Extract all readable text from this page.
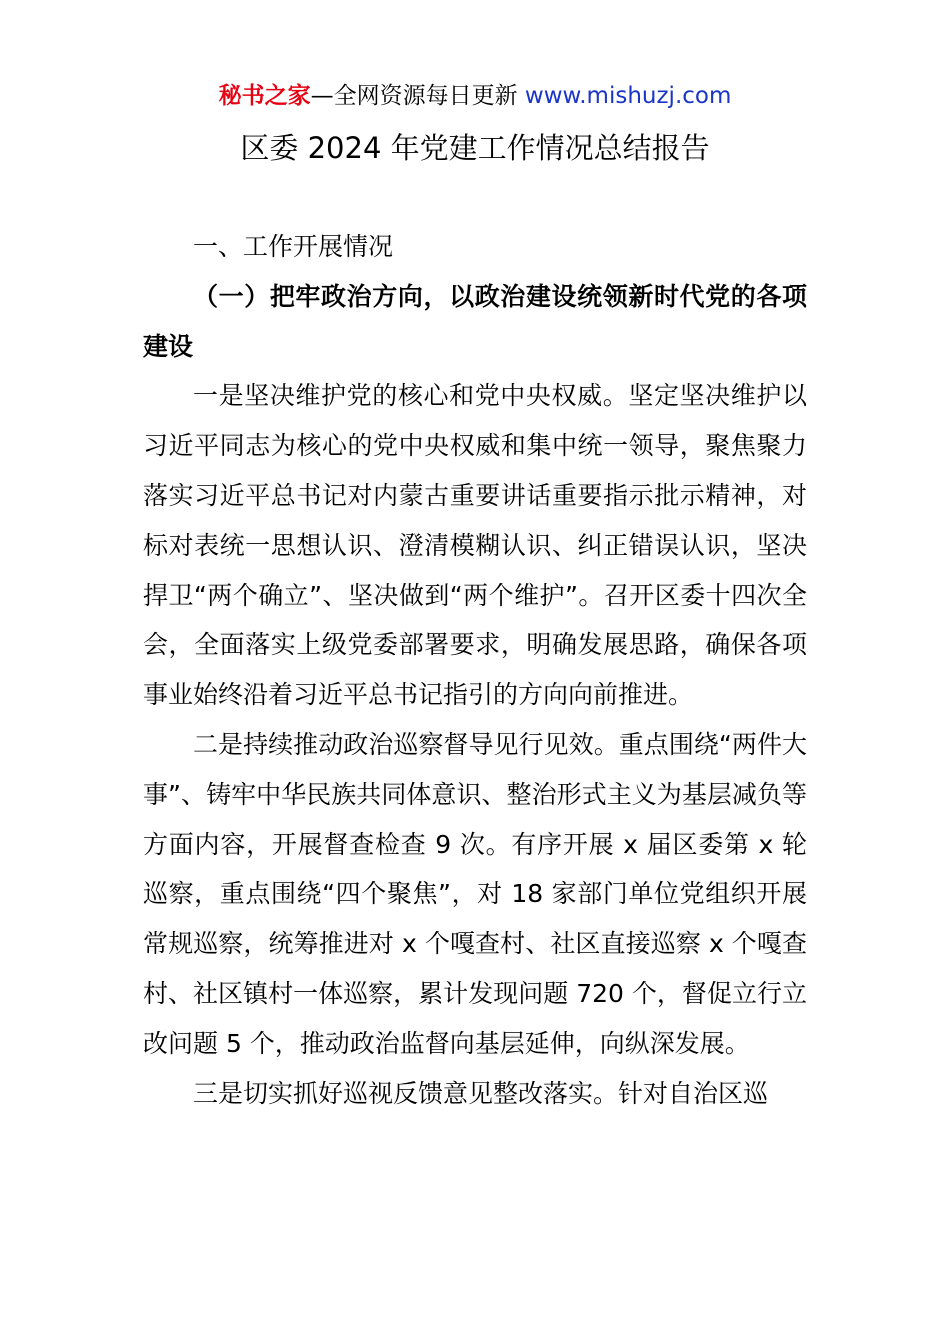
秘书之家—全网资源每日更新 www.mishuzj.com
区委 2024 年党建工作情况总结报告

一、工作开展情况

（一）把牢政治方向，以政治建设统领新时代党的各项建设

一是坚决维护党的核心和党中央权威。坚定坚决维护以习近平同志为核心的党中央权威和集中统一领导，聚焦聚力落实习近平总书记对内蒙古重要讲话重要指示批示精神，对标对表统一思想认识、澄清模糊认识、纠正错误认识，坚决捍卫“两个确立”、坚决做到“两个维护”。召开区委十四次全会，全面落实上级党委部署要求，明确发展思路，确保各项事业始终沿着习近平总书记指引的方向向前推进。

二是持续推动政治巡察督导见行见效。重点围绕“两件大事”、铸牢中华民族共同体意识、整治形式主义为基层减负等方面内容，开展督查检查 9 次。有序开展 x 届区委第 x 轮巡察，重点围绕“四个聚焦”，对 18 家部门单位党组织开展常规巡察，统筹推进对 x 个嘎查村、社区直接巡察 x 个嘎查村、社区镇村一体巡察，累计发现问题 720 个，督促立行立改问题 5 个，推动政治监督向基层延伸，向纵深发展。

三是切实抓好巡视反馈意见整改落实。针对自治区巡
